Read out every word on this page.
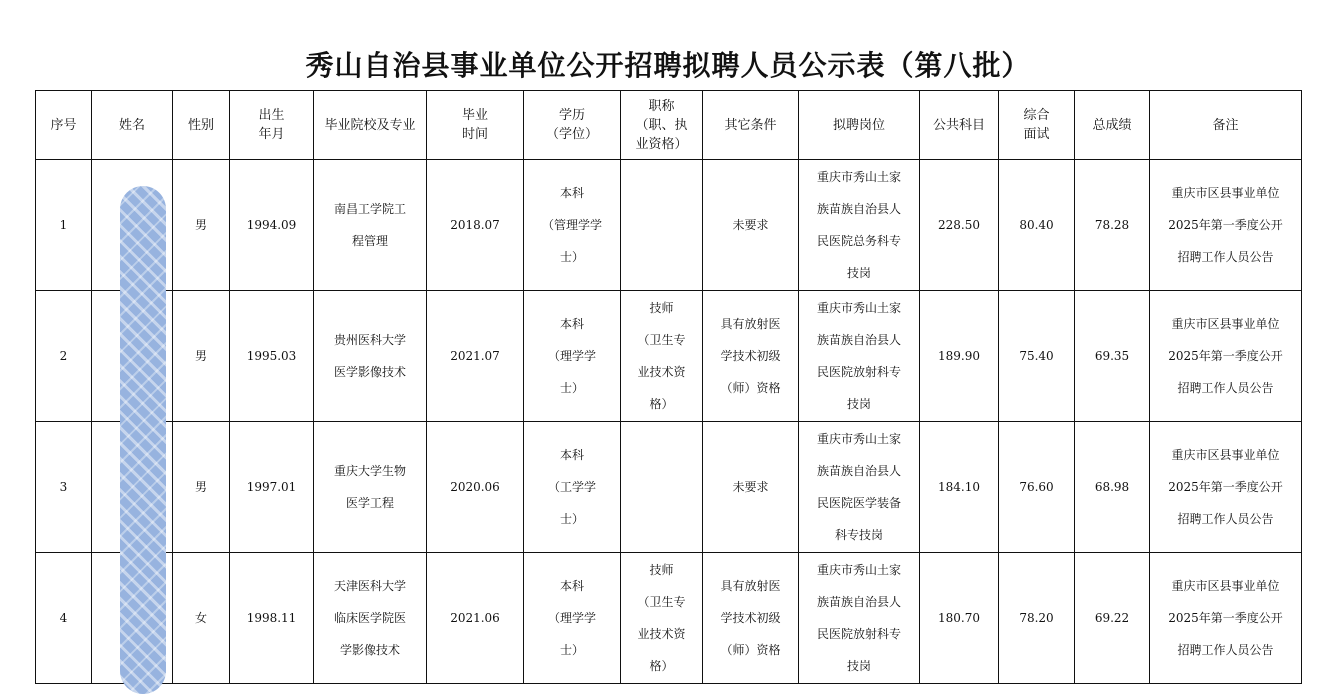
秀山自治县事业单位公开招聘拟聘人员公示表（第八批）
序号	姓名	性别	出生
年月	毕业院校及专业	毕业
时间	学历
（学位）	职称
（职、执
业资格）	其它条件	拟聘岗位	公共科目	综合
面试	总成绩	备注
1		男	1994.09	南昌工学院工
程管理	2018.07	本科
（管理学学
士）		未要求	重庆市秀山土家
族苗族自治县人
民医院总务科专
技岗	228.50	80.40	78.28	重庆市区县事业单位
2025年第一季度公开
招聘工作人员公告
2		男	1995.03	贵州医科大学
医学影像技术	2021.07	本科
（理学学
士）	技师
（卫生专
业技术资
格）	具有放射医
学技术初级
（师）资格	重庆市秀山土家
族苗族自治县人
民医院放射科专
技岗	189.90	75.40	69.35	重庆市区县事业单位
2025年第一季度公开
招聘工作人员公告
3		男	1997.01	重庆大学生物
医学工程	2020.06	本科
（工学学
士）		未要求	重庆市秀山土家
族苗族自治县人
民医院医学装备
科专技岗	184.10	76.60	68.98	重庆市区县事业单位
2025年第一季度公开
招聘工作人员公告
4		女	1998.11	天津医科大学
临床医学院医
学影像技术	2021.06	本科
（理学学
士）	技师
（卫生专
业技术资
格）	具有放射医
学技术初级
（师）资格	重庆市秀山土家
族苗族自治县人
民医院放射科专
技岗	180.70	78.20	69.22	重庆市区县事业单位
2025年第一季度公开
招聘工作人员公告
